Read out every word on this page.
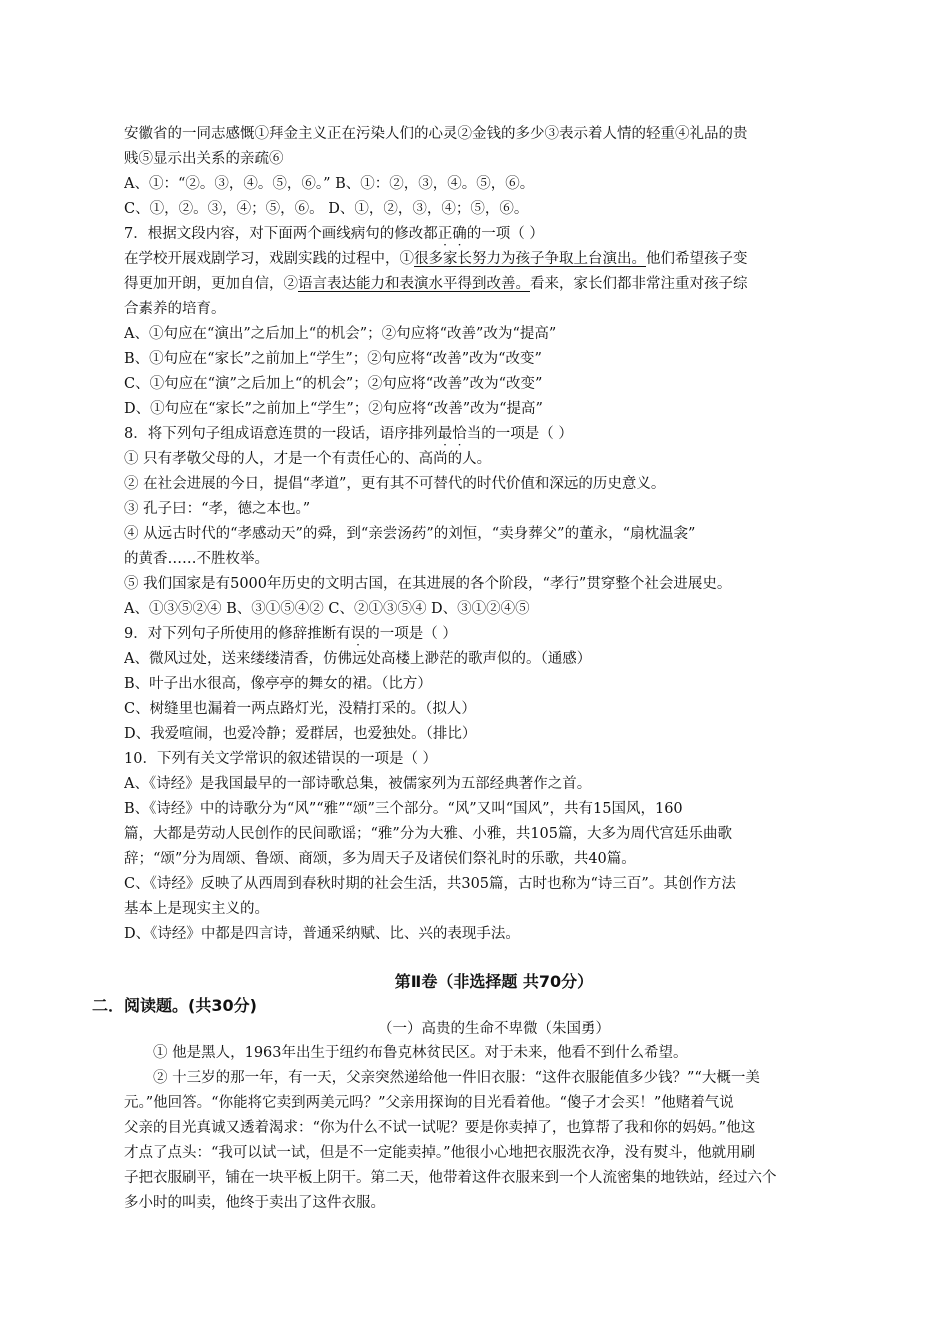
安徽省的一同志感慨①拜金主义正在污染人们的心灵②金钱的多少③表示着人情的轻重④礼品的贵
贱⑤显示出关系的亲疏⑥
A、①：“②。③，④。⑤，⑥。” B、①：②，③，④。⑤，⑥。
C、①，②。③，④；⑤，⑥。 D、①，②，③，④；⑤，⑥。
7．根据文段内容，对下面两个画线病句的修改都正确的一项（ ）
在学校开展戏剧学习，戏剧实践的过程中，①很多家长努力为孩子争取上台演出。他们希望孩子变
得更加开朗，更加自信，②语言表达能力和表演水平得到改善。看来，家长们都非常注重对孩子综
合素养的培育。
A、①句应在“演出”之后加上“的机会”；②句应将“改善”改为“提高”
B、①句应在“家长”之前加上“学生”；②句应将“改善”改为“改变”
C、①句应在“演”之后加上“的机会”；②句应将“改善”改为“改变”
D、①句应在“家长”之前加上“学生”；②句应将“改善”改为“提高”
8．将下列句子组成语意连贯的一段话，语序排列最恰当的一项是（ ）
① 只有孝敬父母的人，才是一个有责任心的、高尚的人。
② 在社会进展的今日，提倡“孝道”，更有其不可替代的时代价值和深远的历史意义。
③ 孔子曰：“孝，德之本也。”
④ 从远古时代的“孝感动天”的舜，到“亲尝汤药”的刘恒，“卖身葬父”的董永，“扇枕温衾”
的黄香……不胜枚举。
⑤ 我们国家是有5000年历史的文明古国，在其进展的各个阶段，“孝行”贯穿整个社会进展史。
A、①③⑤②④ B、③①⑤④② C、②①③⑤④ D、③①②④⑤
9．对下列句子所使用的修辞推断有误的一项是（ ）
A、微风过处，送来缕缕清香，仿佛远处高楼上渺茫的歌声似的。（通感）
B、叶子出水很高，像亭亭的舞女的裙。（比方）
C、树缝里也漏着一两点路灯光，没精打采的。（拟人）
D、我爱喧闹，也爱冷静；爱群居，也爱独处。（排比）
10．下列有关文学常识的叙述错误的一项是（ ）
A、《诗经》是我国最早的一部诗歌总集，被儒家列为五部经典著作之首。
B、《诗经》中的诗歌分为“风”“雅”“颂”三个部分。“风”又叫“国风”，共有15国风，160
篇，大都是劳动人民创作的民间歌谣；“雅”分为大雅、小雅，共105篇，大多为周代宫廷乐曲歌
辞；“颂”分为周颂、鲁颂、商颂，多为周天子及诸侯们祭礼时的乐歌，共40篇。
C、《诗经》反映了从西周到春秋时期的社会生活，共305篇，古时也称为“诗三百”。其创作方法
基本上是现实主义的。
D、《诗经》中都是四言诗，普通采纳赋、比、兴的表现手法。
第Ⅱ卷（非选择题 共70分）
二．阅读题。(共30分)
（一）高贵的生命不卑微（朱国勇）
① 他是黑人，1963年出生于纽约布鲁克林贫民区。对于未来，他看不到什么希望。
② 十三岁的那一年，有一天，父亲突然递给他一件旧衣服：“这件衣服能值多少钱？”“大概一美
元。”他回答。“你能将它卖到两美元吗？”父亲用探询的目光看着他。“傻子才会买！”他赌着气说
父亲的目光真诚又透着渴求：“你为什么不试一试呢？要是你卖掉了，也算帮了我和你的妈妈。”他这
才点了点头：“我可以试一试，但是不一定能卖掉。”他很小心地把衣服洗衣净，没有熨斗，他就用刷
子把衣服刷平，铺在一块平板上阴干。第二天，他带着这件衣服来到一个人流密集的地铁站，经过六个
多小时的叫卖，他终于卖出了这件衣服。
